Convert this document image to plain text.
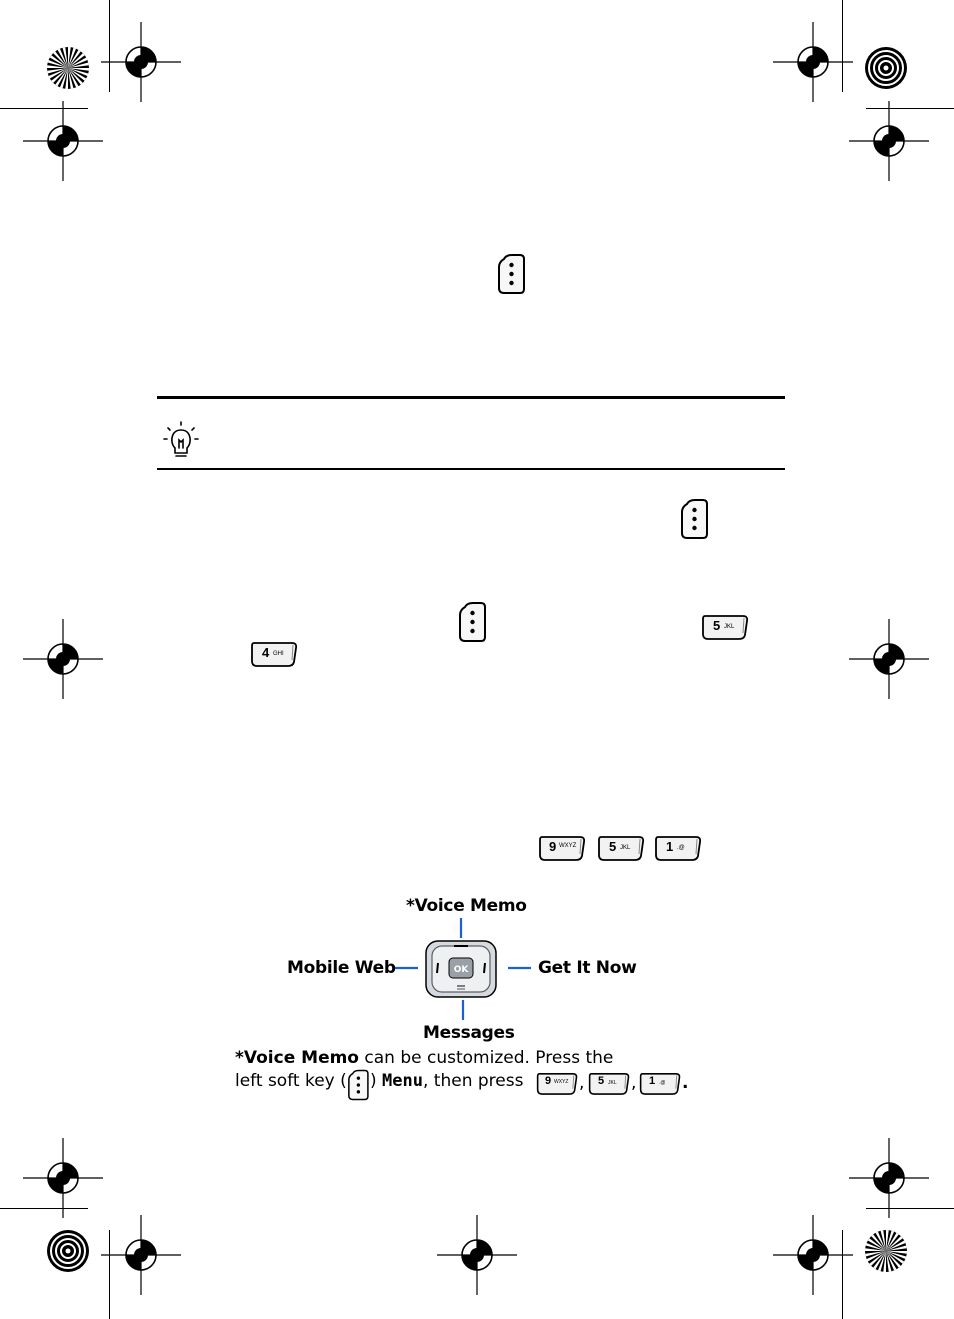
5 JKL
4 GHI
9 WXYZ	5 JKL	1 .@
*Voice Memo
Mobile Web	Get It Now
Messages
OK
*Voice Memo can be customized. Press the
left soft key ( ) Menu, then press 9 WXYZ , 5 JKL , 1 .@ .
